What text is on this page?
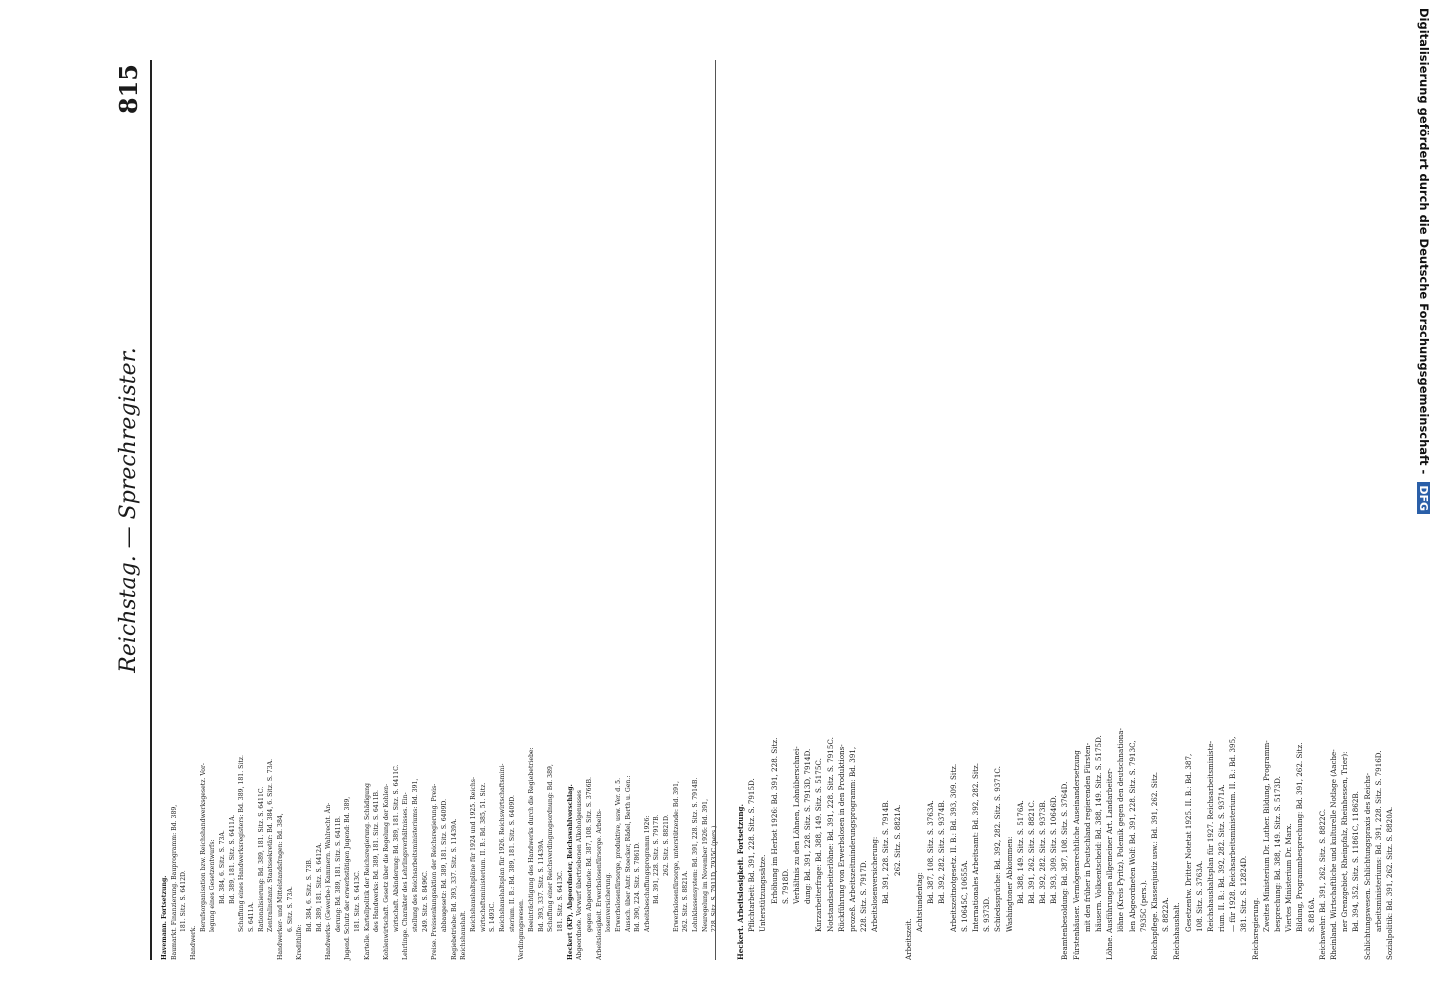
Reichstag. — Sprechregister.
815

Havemann. Fortsetzung. Baumarkt. Finanzierung. Bauprogramm: Bd. 389, 181. Sitz. S. 6412D.

Handwerk.

Berufsorganisation bzw. Reichshandwerksgesetz. Vor- legung eines Gesetzentwurfs: Bd. 384, 6. Sitz. S. 73A. Bd. 389, 181. Sitz. S. 6411A. Schaffung eines Handwerksregisters: Bd. 389, 181. Sitz. S. 6411A. Rationalisierung: Bd. 389, 181. Sitz. S. 6411C. Zentralinstanz. Staatssekretär: Bd. 384, 6. Sitz. S. 73A. Handwerker- und Mittelstandsfragen: Bd. 384, 6. Sitz. S. 73A.

Kredithilfe:

Bd. 384, 6. Sitz. S. 73B. Bd. 389, 181. Sitz. S. 6412A. Handwerks- (Gewerbe-) Kammern. Wahlrecht. Än- derung: Bd. 389, 181. Sitz. S. 6411B. Jugend. Schutz der erwerbstätigen Jugend: Bd. 389, 181. Sitz. S. 6413C. Kartelle. Kartellpolitik der Reichsregierung. Schädigung des Handwerks: Bd. 389, 181. Sitz. S. 6411B. Kohlenwirtschaft. Gesetz über die Regelung der Kohlen- wirtschaft. Abänderung: Bd. 389, 181. Sitz. S. 6411C. Lehrlinge. Charakter des Lehrlingsverhältnisses. Ein- stellung des Reichsarbeitsministeriums: Bd. 391, 249. Sitz. S. 8496C. Preise. Preissenkungsaktion der Reichsregierung. Preis- abbaugesetz: Bd. 389, 181. Sitz. S. 6409D. Regiebetriebe: Bd. 393, 337. Sitz. S. 11439A. Reichshaushalt.

Reichshaushaltspläne für 1924 und 1925. Reichs- wirtschaftsministerium. II. B.: Bd. 385, 51. Sitz. S. 1493C. Reichshaushaltsplan für 1926. Reichswirtschaftsmini- sterium. II. B.: Bd. 389, 181. Sitz. S. 6409D. Verdingungswesen. Beeinträchtigung des Handwerks durch die Regiebetriebe: Bd. 393, 337. Sitz. S. 11439A. Schaffung einer Reichsverdingungsordnung: Bd. 389, 181. Sitz. S. 6413C. Heckert (KP), Abgeordneter, Reichswahlvorschlag. Abgeordnete. Vorwurf übertriebenen Alkoholgenusses gegen Abgeordnete: Bd. 387, 108. Sitz. S. 3766B. Arbeitslosigkeit. Erwerbslosenfürsorge. Arbeits- losenversicherung. Erwerbslosenfürsorge, produktive, usw. Ver. d. 5. Aussch. über Antr. Stoecker, Rädel, Berth u. Gen.: Bd. 390, 224. Sitz. S. 7861D. Arbeitsbeschaffungsprogramm 1926: Bd. 391, 228. Sitz. S. 7917B. 262. Sitz. S. 8821D. Erwerbslosenfürsorge, unterstützende: Bd. 391, 262. Sitz. S. 8821A. Lohnklassensystem: Bd. 391, 228. Sitz. S. 7914B. Neuregelung im November 1926: Bd. 391, 228. Sitz. S. 7911D, 7935C (pers.). Heckert. Arbeitslosigkeit. Fortsetzung. Pflichtarbeit: Bd. 391, 228. Sitz. S. 7915D. Unterstützungssätze. Erhöhung im Herbst 1926: Bd. 391, 228. Sitz. S. 7918D. Verhältnis zu den Löhnen, Lohnüberschnei- dung: Bd. 391, 228. Sitz. S. 7913D, 7914D. Kurzarbeiterfrage: Bd. 388, 149. Sitz. S. 5175C. Notstandsarbeiterlöhne: Bd. 391, 228. Sitz. S. 7915C. Rückführung von Erwerbslosen in den Produktions- prozeß. Arbeitszeitminderungsprogramm: Bd. 391, 228. Sitz. S. 7917D. Arbeitslosenversicherung: Bd. 391, 228. Sitz. S. 7914B. 262. Sitz. S. 8821A.

Arbeitszeit.

Achtstundentag: Bd. 387, 108. Sitz. S. 3763A. Bd. 392, 282. Sitz. S. 9374B. Arbeitszeitnotgesetz. II. B.: Bd. 393, 309. Sitz. S. 10645C, 10655A. Internationales Arbeitsamt: Bd. 392, 282. Sitz. S. 9373D. Schiedssprüche: Bd. 392, 282. Sitz. S. 9371C. Washingtoner Abkommen: Bd. 388, 149. Sitz. S. 5176A. Bd. 391, 262. Sitz. S. 8821C. Bd. 392, 282. Sitz. S. 9373B. Bd. 393, 309. Sitz. S. 10646D. Beamtenbesoldung: Bd. 387, 108. Sitz. S. 3764D. Fürstenhäuser. Vermögensrechtliche Auseinandersetzung mit den früher in Deutschland regierenden Fürsten- häusern. Volksentscheid: Bd. 388, 149. Sitz. S. 5175D. Löhne. Ausführungen allgemeiner Art. Landarbeiter- löhne (Kreis Pyritz). Polemik gegen den deutschnationa- len Abgeordneten Wolf: Bd. 391, 228. Sitz. S. 7913C, 7935C (pers.). Reichspflege. Klassenjustiz usw.: Bd. 391, 262. Sitz. S. 8822A. Reichshaushalt. Gesetzentw. Dritter Notetat 1925. II. B.: Bd. 387, 108. Sitz. S. 3763A. Reichshaushaltsplan für 1927. Reichsarbeitsministe- rium. II. B.: Bd. 392, 282. Sitz. S. 9371A. — für 1928. Reichsarbeitsministerium. II. B.: Bd. 395, 381. Sitz. S. 12824D. Reichsregierung. Zweites Ministerium Dr. Luther. Bildung, Programm- besprechung: Bd. 388, 149. Sitz. S. 5173D. Viertes Ministerium Dr. Marx. Bildung, Programmbesprechung: Bd. 391, 262. Sitz. S. 8816A. Reichswehr: Bd. 391, 262. Sitz. S. 8822C. Rheinland. Wirtschaftliche und kulturelle Notlage (Aache- ner Grenzgebiet, Rheinpfalz, Rheinhessen, Trier): Bd. 394, 352. Sitz. S. 11861C, 11862B. Schlichtungswesen. Schlichtungspraxis des Reichs- arbeitsministeriums: Bd. 391, 228. Sitz. S. 7916D. Sozialpolitik: Bd. 391, 262. Sitz. S. 8820A.

Digitalisierung gefördert durch die Deutsche Forschungsgemeinschaft - DFG
